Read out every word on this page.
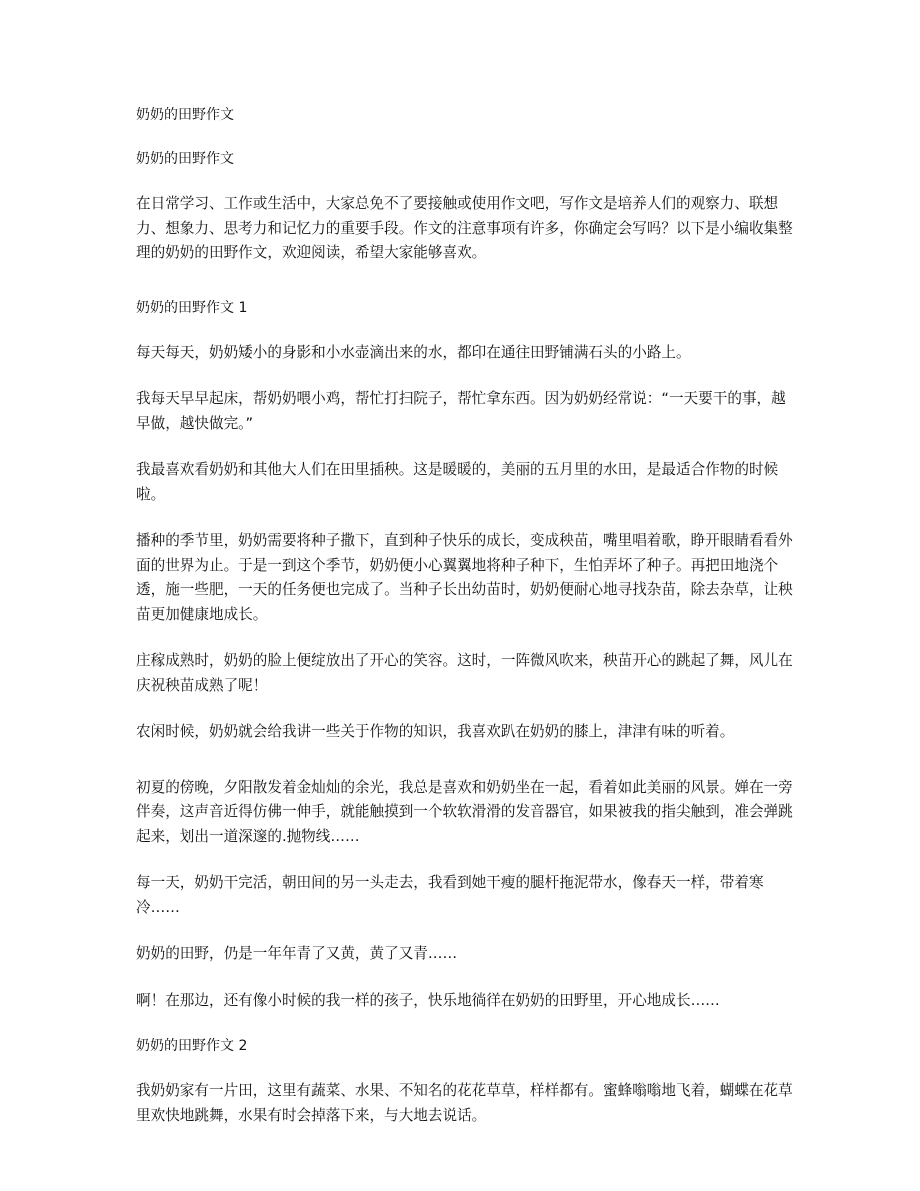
奶奶的田野作文

奶奶的田野作文

在日常学习、工作或生活中，大家总免不了要接触或使用作文吧，写作文是培养人们的观察力、联想力、想象力、思考力和记忆力的重要手段。作文的注意事项有许多，你确定会写吗？以下是小编收集整理的奶奶的田野作文，欢迎阅读，希望大家能够喜欢。

奶奶的田野作文 1

每天每天，奶奶矮小的身影和小水壶滴出来的水，都印在通往田野铺满石头的小路上。

我每天早早起床，帮奶奶喂小鸡，帮忙打扫院子，帮忙拿东西。因为奶奶经常说：“一天要干的事，越早做，越快做完。”

我最喜欢看奶奶和其他大人们在田里插秧。这是暖暖的，美丽的五月里的水田，是最适合作物的时候啦。

播种的季节里，奶奶需要将种子撒下，直到种子快乐的成长，变成秧苗，嘴里唱着歌，睁开眼睛看看外面的世界为止。于是一到这个季节，奶奶便小心翼翼地将种子种下，生怕弄坏了种子。再把田地浇个透，施一些肥，一天的任务便也完成了。当种子长出幼苗时，奶奶便耐心地寻找杂苗，除去杂草，让秧苗更加健康地成长。

庄稼成熟时，奶奶的脸上便绽放出了开心的笑容。这时，一阵微风吹来，秧苗开心的跳起了舞，风儿在庆祝秧苗成熟了呢！

农闲时候，奶奶就会给我讲一些关于作物的知识，我喜欢趴在奶奶的膝上，津津有味的听着。

初夏的傍晚，夕阳散发着金灿灿的余光，我总是喜欢和奶奶坐在一起，看着如此美丽的风景。婵在一旁伴奏，这声音近得仿佛一伸手，就能触摸到一个软软滑滑的发音器官，如果被我的指尖触到，准会弹跳起来，划出一道深邃的.抛物线……

每一天，奶奶干完活，朝田间的另一头走去，我看到她干瘦的腿杆拖泥带水，像春天一样，带着寒冷……

奶奶的田野，仍是一年年青了又黄，黄了又青……

啊！在那边，还有像小时候的我一样的孩子，快乐地徜徉在奶奶的田野里，开心地成长……

奶奶的田野作文 2

我奶奶家有一片田，这里有蔬菜、水果、不知名的花花草草，样样都有。蜜蜂嗡嗡地飞着，蝴蝶在花草里欢快地跳舞，水果有时会掉落下来，与大地去说话。
